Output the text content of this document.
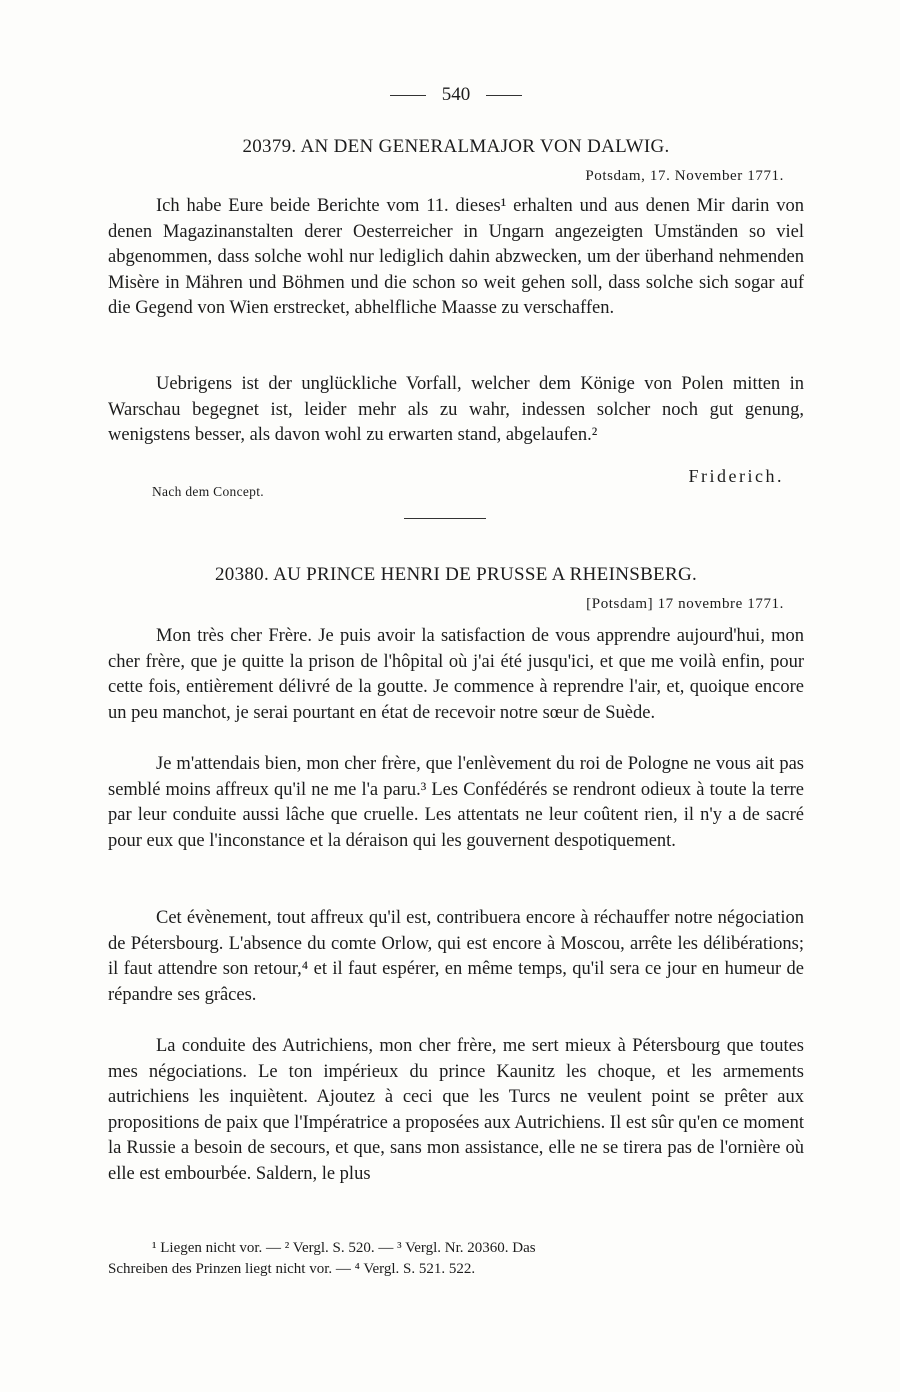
540
20379. AN DEN GENERALMAJOR VON DALWIG.
Potsdam, 17. November 1771.
Ich habe Eure beide Berichte vom 11. dieses¹ erhalten und aus denen Mir darin von denen Magazinanstalten derer Oesterreicher in Ungarn angezeigten Umständen so viel abgenommen, dass solche wohl nur lediglich dahin abzwecken, um der überhand nehmenden Misère in Mähren und Böhmen und die schon so weit gehen soll, dass solche sich sogar auf die Gegend von Wien erstrecket, abhelfliche Maasse zu verschaffen.
Uebrigens ist der unglückliche Vorfall, welcher dem Könige von Polen mitten in Warschau begegnet ist, leider mehr als zu wahr, indessen solcher noch gut genung, wenigstens besser, als davon wohl zu erwarten stand, abgelaufen.²
Friderich.
Nach dem Concept.
20380. AU PRINCE HENRI DE PRUSSE A RHEINSBERG.
[Potsdam] 17 novembre 1771.
Mon très cher Frère. Je puis avoir la satisfaction de vous apprendre aujourd'hui, mon cher frère, que je quitte la prison de l'hôpital où j'ai été jusqu'ici, et que me voilà enfin, pour cette fois, entièrement délivré de la goutte. Je commence à reprendre l'air, et, quoique encore un peu manchot, je serai pourtant en état de recevoir notre sœur de Suède.
Je m'attendais bien, mon cher frère, que l'enlèvement du roi de Pologne ne vous ait pas semblé moins affreux qu'il ne me l'a paru.³ Les Confédérés se rendront odieux à toute la terre par leur conduite aussi lâche que cruelle. Les attentats ne leur coûtent rien, il n'y a de sacré pour eux que l'inconstance et la déraison qui les gouvernent despotiquement.
Cet évènement, tout affreux qu'il est, contribuera encore à réchauffer notre négociation de Pétersbourg. L'absence du comte Orlow, qui est encore à Moscou, arrête les délibérations; il faut attendre son retour,⁴ et il faut espérer, en même temps, qu'il sera ce jour en humeur de répandre ses grâces.
La conduite des Autrichiens, mon cher frère, me sert mieux à Pétersbourg que toutes mes négociations. Le ton impérieux du prince Kaunitz les choque, et les armements autrichiens les inquiètent. Ajoutez à ceci que les Turcs ne veulent point se prêter aux propositions de paix que l'Impératrice a proposées aux Autrichiens. Il est sûr qu'en ce moment la Russie a besoin de secours, et que, sans mon assistance, elle ne se tirera pas de l'ornière où elle est embourbée. Saldern, le plus
¹ Liegen nicht vor. — ² Vergl. S. 520. — ³ Vergl. Nr. 20360. Das
Schreiben des Prinzen liegt nicht vor. — ⁴ Vergl. S. 521. 522.
